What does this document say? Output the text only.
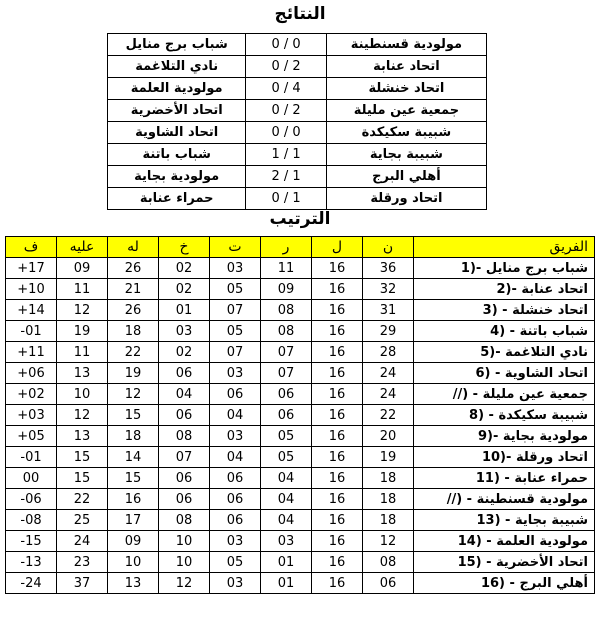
النتائج
شباب برج منايل	0 / 0	مولودية قسنطينة
نادي التلاغمة	0 / 2	اتحاد عنابة
مولودية العلمة	0 / 4	اتحاد خنشلة
اتحاد الأخضرية	0 / 2	جمعية عين مليلة
اتحاد الشاوية	0 / 0	شبيبة سكيكدة
شباب باتنة	1 / 1	شبيبة بجاية
مولودية بجاية	2 / 1	أهلي البرج
حمراء عنابة	0 / 1	اتحاد ورقلة
الترتيب
ف	عليه	له	خ	ت	ر	ل	ن	الفريق
+17	09	26	02	03	11	16	36	1)- شباب برج منايل
+10	11	21	02	05	09	16	32	2)- اتحاد عنابة
+14	12	26	01	07	08	16	31	3) - اتحاد خنشلة
-01	19	18	03	05	08	16	29	4) - شباب باتنة
+11	11	22	02	07	07	16	28	5)- نادي التلاغمة
+06	13	19	06	03	07	16	24	6) - اتحاد الشاوية
+02	10	12	04	06	06	16	24	//) - جمعية عين مليلة
+03	12	15	06	04	06	16	22	8) - شبيبة سكيكدة
+05	13	18	08	03	05	16	20	9)- مولودية بجاية
-01	15	14	07	04	05	16	19	10)- اتحاد ورقلة
00	15	15	06	06	04	16	18	11) - حمراء عنابة
-06	22	16	06	06	04	16	18	//) - مولودية قسنطينة
-08	25	17	08	06	04	16	18	13) - شبيبة بجاية
-15	24	09	10	03	03	16	12	14) - مولودية العلمة
-13	23	10	10	05	01	16	08	15) - اتحاد الأخضرية
-24	37	13	12	03	01	16	06	16) - أهلي البرج
